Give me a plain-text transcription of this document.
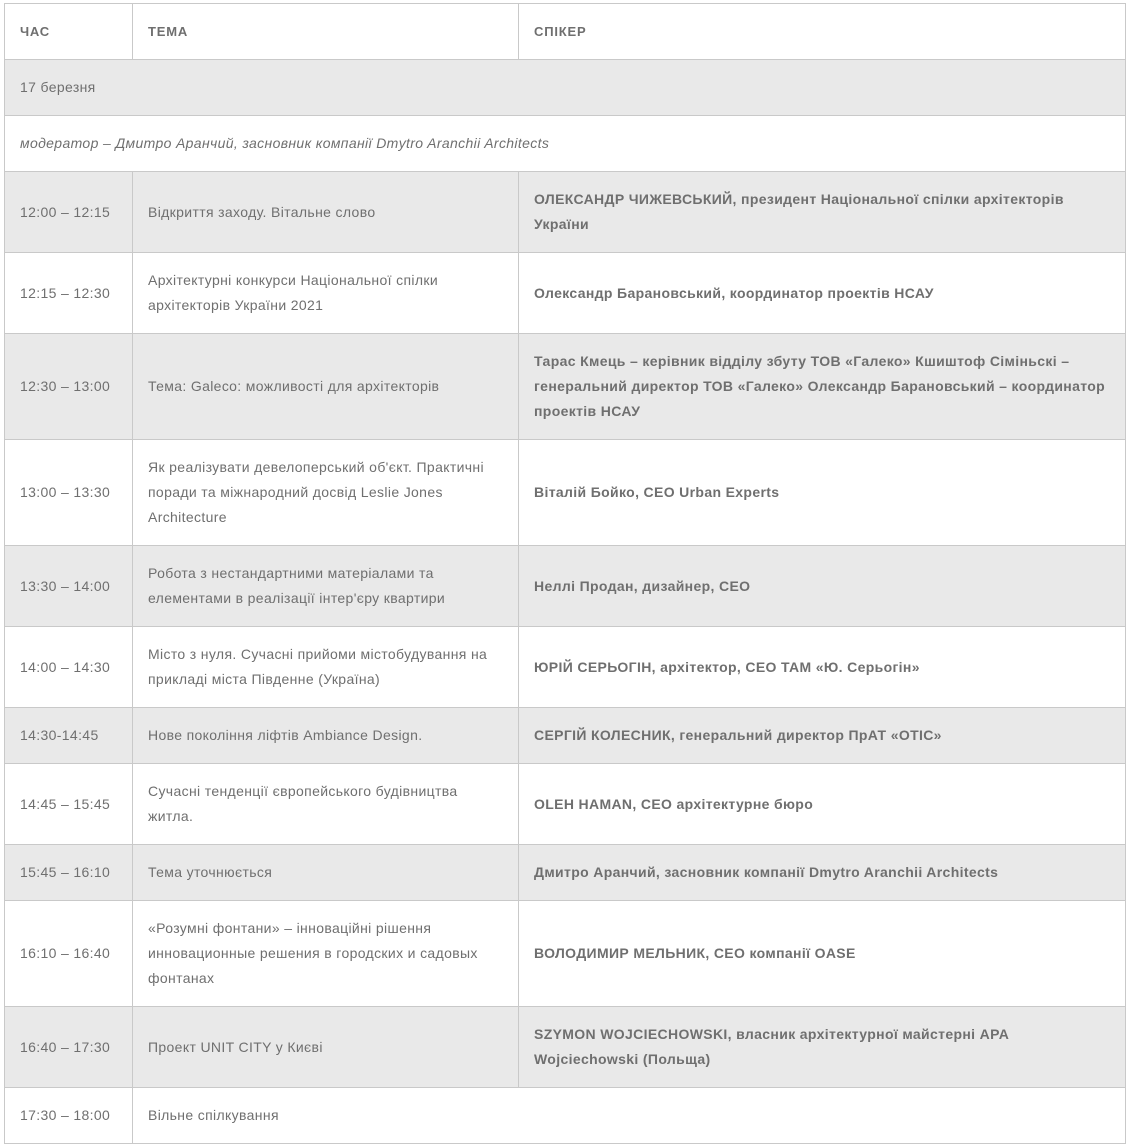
ЧАС	ТЕМА	СПІКЕР
17 березня		
модератор – Дмитро Аранчий, засновник компанії Dmytro Aranchii Architects		
12:00 – 12:15	Відкриття заходу. Вітальне слово	ОЛЕКСАНДР ЧИЖЕВСЬКИЙ, президент Національної спілки архітекторів України
12:15 – 12:30	Архітектурні конкурси Національної спілки архітекторів України 2021	Олександр Барановський, координатор проектів НСАУ
12:30 – 13:00	Тема: Galeco: можливості для архітекторів	Тарас Кмець – керівник відділу збуту ТОВ «Галеко» Кшиштоф Сіміньскі – генеральний директор ТОВ «Галеко» Олександр Барановський – координатор проектів НСАУ
13:00 – 13:30	Як реалізувати девелоперський об'єкт. Практичні поради та міжнародний досвід Leslie Jones Architecture	Віталій Бойко, CEO Urban Experts
13:30 – 14:00	Робота з нестандартними матеріалами та елементами в реалізації інтер'єру квартири	Неллі Продан, дизайнер, CEO
14:00 – 14:30	Місто з нуля. Сучасні прийоми містобудування на прикладі міста Південне (Україна)	ЮРІЙ СЕРЬОГІН, архітектор, CEO ТАМ «Ю. Серьогін»
14:30-14:45	Нове покоління ліфтів Ambiance Design.	СЕРГІЙ КОЛЕСНИК, генеральний директор ПрАТ «OTIC»
14:45 – 15:45	Сучасні тенденції європейського будівництва житла.	OLEH HAMAN, CEO архітектурне бюро
15:45 – 16:10	Тема уточнюється	Дмитро Аранчий, засновник компанії Dmytro Aranchii Architects
16:10 – 16:40	«Розумні фонтани» – інноваційні рішення инновационные решения в городских и садовых фонтанах	ВОЛОДИМИР МЕЛЬНИК, CEO компанії OASE
16:40 – 17:30	Проект UNIT CITY у Києві	SZYMON WOJCIECHOWSKI, власник архітектурної майстерні APA Wojciechowski (Польща)
17:30 – 18:00	Вільне спілкування	
